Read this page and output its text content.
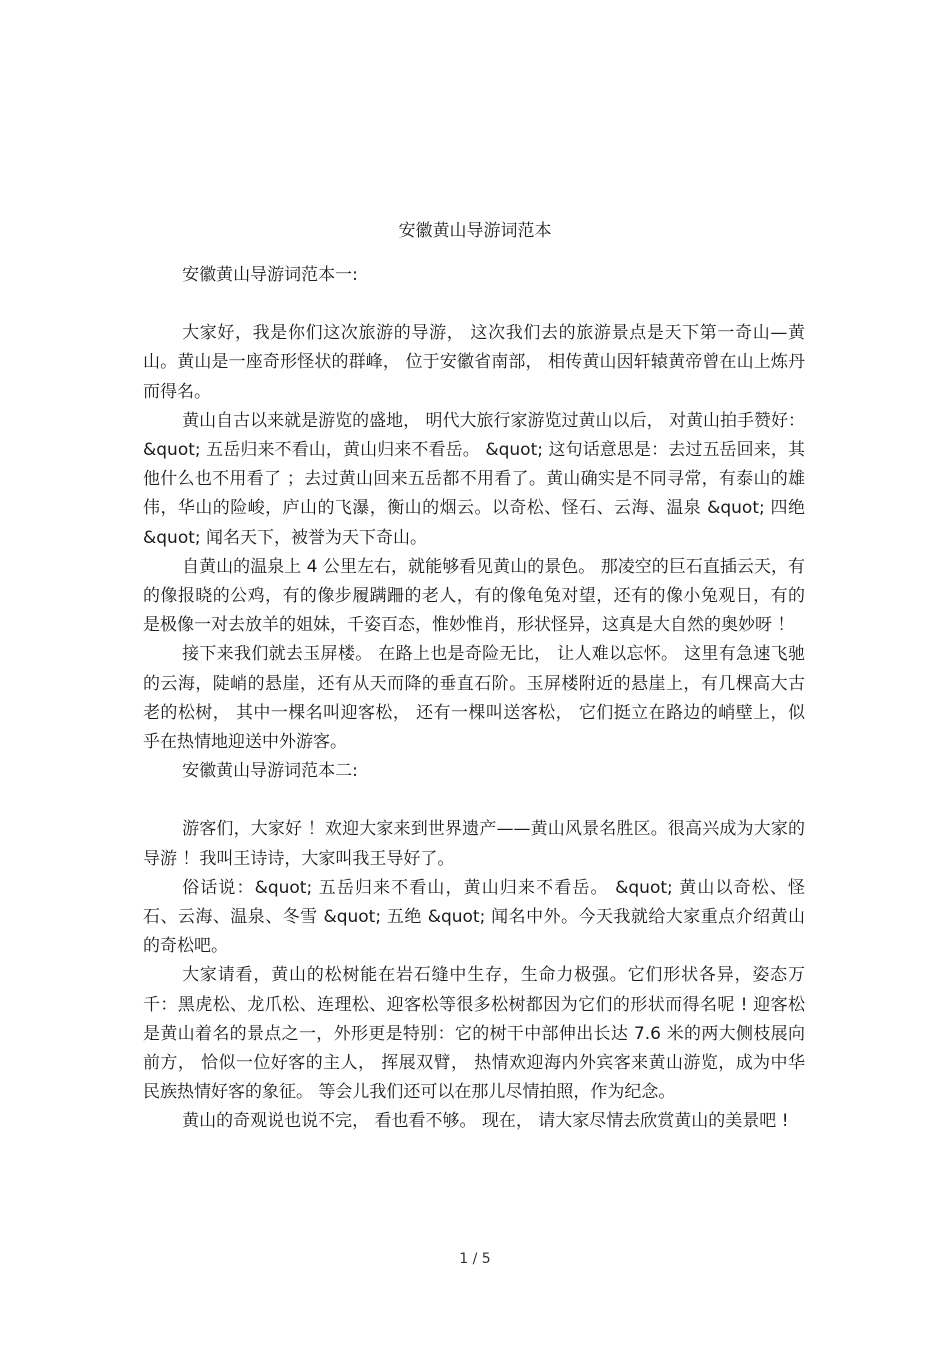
安徽黄山导游词范本

安徽黄山导游词范本一:

大家好，我是你们这次旅游的导游， 这次我们去的旅游景点是天下第一奇山—黄山。黄山是一座奇形怪状的群峰， 位于安徽省南部， 相传黄山因轩辕黄帝曾在山上炼丹而得名。

黄山自古以来就是游览的盛地， 明代大旅行家游览过黄山以后， 对黄山拍手赞好：&quot; 五岳归来不看山，黄山归来不看岳。 &quot; 这句话意思是：去过五岳回来，其他什么也不用看了 ；去过黄山回来五岳都不用看了。黄山确实是不同寻常，有泰山的雄伟，华山的险峻，庐山的飞瀑，衡山的烟云。以奇松、怪石、云海、温泉 &quot; 四绝 &quot; 闻名天下，被誉为天下奇山。

自黄山的温泉上 4 公里左右，就能够看见黄山的景色。 那凌空的巨石直插云天，有的像报晓的公鸡，有的像步履蹒跚的老人，有的像龟兔对望，还有的像小兔观日，有的是极像一对去放羊的姐妹，千姿百态，惟妙惟肖，形状怪异，这真是大自然的奥妙呀 ！

接下来我们就去玉屏楼。 在路上也是奇险无比， 让人难以忘怀。 这里有急速飞驰的云海，陡峭的悬崖，还有从天而降的垂直石阶。玉屏楼附近的悬崖上，有几棵高大古老的松树， 其中一棵名叫迎客松， 还有一棵叫送客松， 它们挺立在路边的峭壁上，似乎在热情地迎送中外游客。

安徽黄山导游词范本二:

游客们，大家好 ！欢迎大家来到世界遗产——黄山风景名胜区。很高兴成为大家的导游 ！我叫王诗诗，大家叫我王导好了。

俗话说：&quot; 五岳归来不看山，黄山归来不看岳。 &quot; 黄山以奇松、怪石、云海、温泉、冬雪 &quot; 五绝 &quot; 闻名中外。今天我就给大家重点介绍黄山的奇松吧。

大家请看，黄山的松树能在岩石缝中生存，生命力极强。它们形状各异，姿态万千：黑虎松、龙爪松、连理松、迎客松等很多松树都因为它们的形状而得名呢 ! 迎客松是黄山着名的景点之一，外形更是特别：它的树干中部伸出长达 7.6 米的两大侧枝展向前方， 恰似一位好客的主人， 挥展双臂， 热情欢迎海内外宾客来黄山游览，成为中华民族热情好客的象征。 等会儿我们还可以在那儿尽情拍照，作为纪念。

黄山的奇观说也说不完， 看也看不够。 现在， 请大家尽情去欣赏黄山的美景吧 !

1 / 5
